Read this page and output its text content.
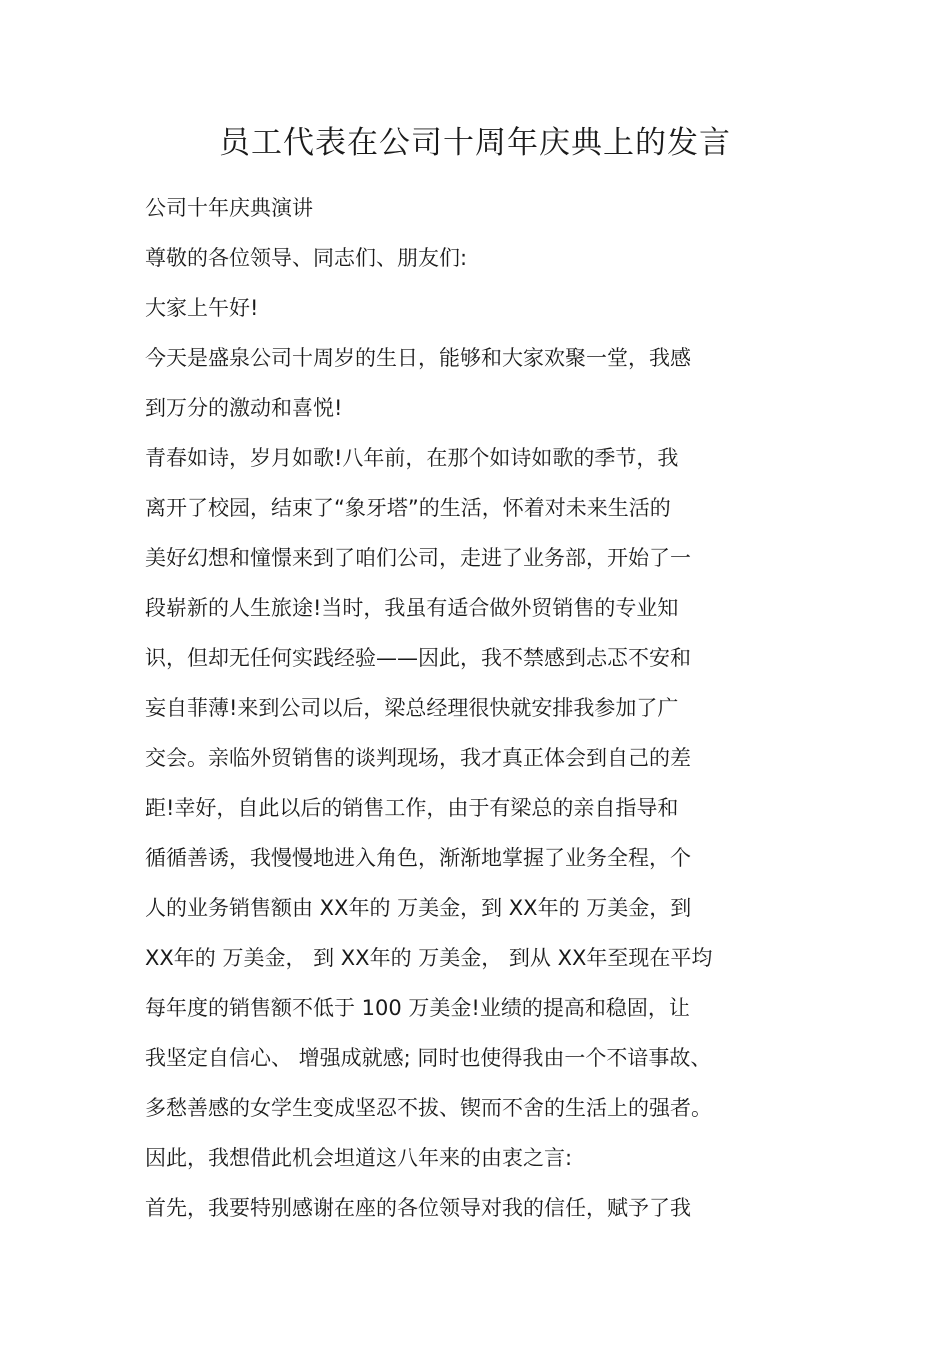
员工代表在公司十周年庆典上的发言
公司十年庆典演讲
尊敬的各位领导、同志们、朋友们:
大家上午好!
今天是盛泉公司十周岁的生日，能够和大家欢聚一堂，我感
到万分的激动和喜悦!
青春如诗，岁月如歌!八年前，在那个如诗如歌的季节，我
离开了校园，结束了“象牙塔”的生活，怀着对未来生活的
美好幻想和憧憬来到了咱们公司，走进了业务部，开始了一
段崭新的人生旅途!当时，我虽有适合做外贸销售的专业知
识，但却无任何实践经验——因此，我不禁感到忐忑不安和
妄自菲薄!来到公司以后，梁总经理很快就安排我参加了广
交会。亲临外贸销售的谈判现场，我才真正体会到自己的差
距!幸好，自此以后的销售工作，由于有梁总的亲自指导和
循循善诱，我慢慢地进入角色，渐渐地掌握了业务全程，个
人的业务销售额由 XX年的 万美金，到 XX年的 万美金，到
XX年的 万美金， 到 XX年的 万美金， 到从 XX年至现在平均
每年度的销售额不低于 100 万美金!业绩的提高和稳固，让
我坚定自信心、 增强成就感; 同时也使得我由一个不谙事故、
多愁善感的女学生变成坚忍不拔、锲而不舍的生活上的强者。
因此，我想借此机会坦道这八年来的由衷之言:
首先，我要特别感谢在座的各位领导对我的信任，赋予了我
